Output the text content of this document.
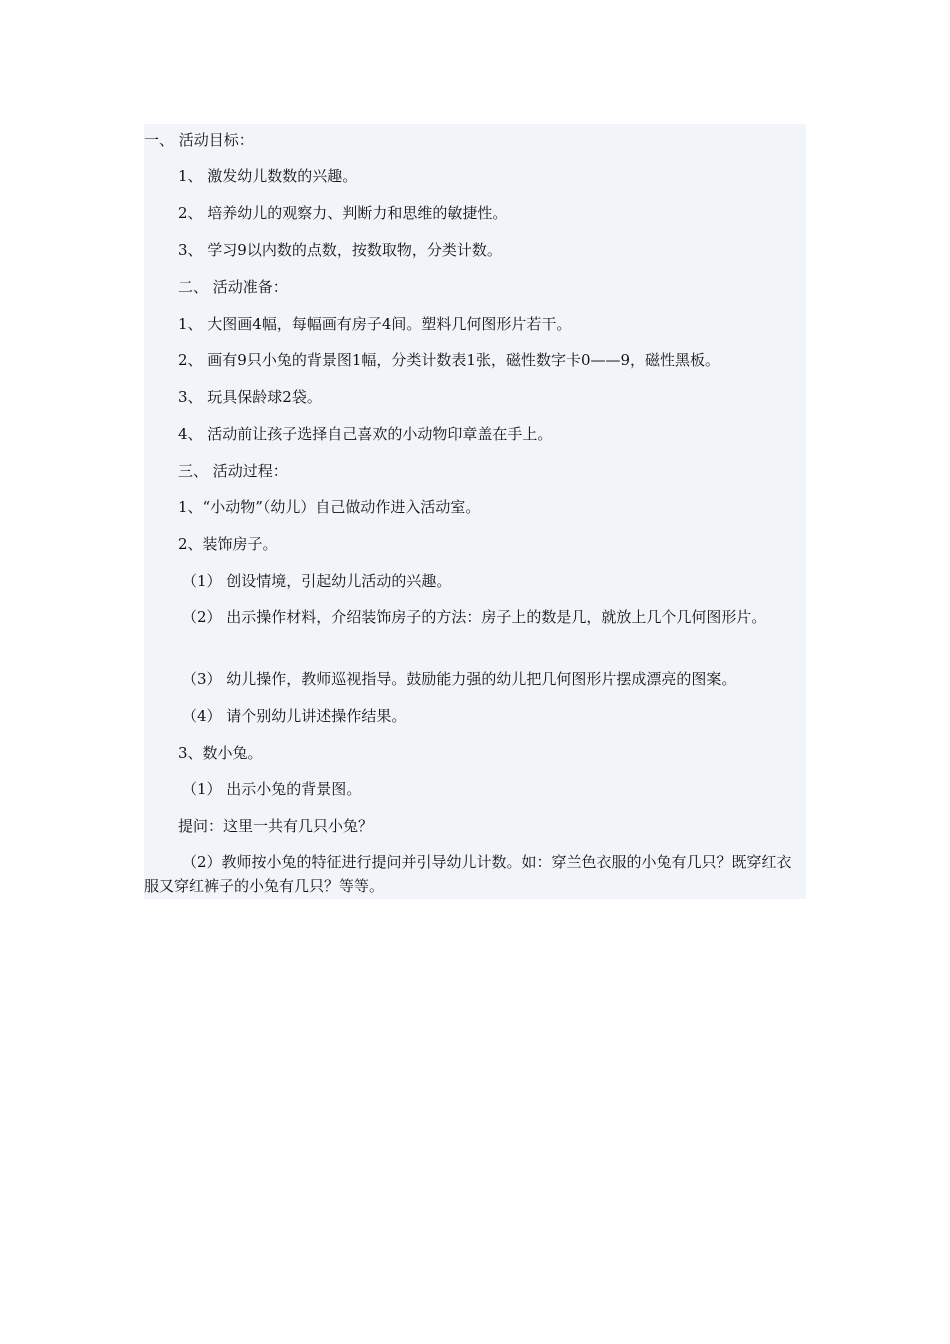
一、 活动目标：
1、 激发幼儿数数的兴趣。
2、 培养幼儿的观察力、判断力和思维的敏捷性。
3、 学习9以内数的点数，按数取物，分类计数。
二、 活动准备：
1、 大图画4幅，每幅画有房子4间。塑料几何图形片若干。
2、 画有9只小兔的背景图1幅，分类计数表1张，磁性数字卡0——9，磁性黑板。
3、 玩具保龄球2袋。
4、 活动前让孩子选择自己喜欢的小动物印章盖在手上。
三、 活动过程：
1、“小动物”（幼儿）自己做动作进入活动室。
2、装饰房子。
（1） 创设情境，引起幼儿活动的兴趣。
（2） 出示操作材料，介绍装饰房子的方法：房子上的数是几，就放上几个几何图形片。
（3） 幼儿操作，教师巡视指导。鼓励能力强的幼儿把几何图形片摆成漂亮的图案。
（4） 请个别幼儿讲述操作结果。
3、数小兔。
（1） 出示小兔的背景图。
提问：这里一共有几只小兔？
（2）教师按小兔的特征进行提问并引导幼儿计数。如：穿兰色衣服的小兔有几只？既穿红衣服又穿红裤子的小兔有几只？等等。
